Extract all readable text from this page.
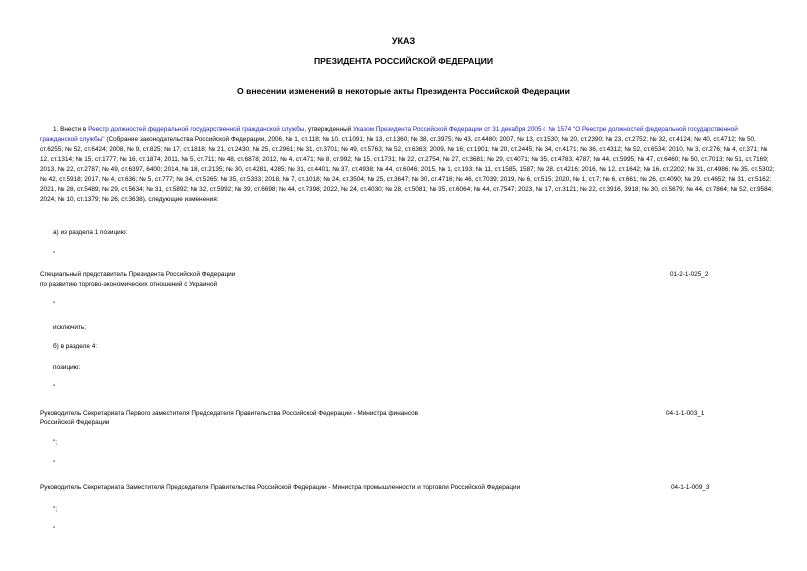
УКАЗ
ПРЕЗИДЕНТА РОССИЙСКОЙ ФЕДЕРАЦИИ
О внесении изменений в некоторые акты Президента Российской Федерации
1. Внести в Реестр должностей федеральной государственной гражданской службы, утвержденный Указом Президента Российской Федерации от 31 декабря 2005 г. № 1574 "О Реестре должностей федеральной государственной гражданской службы" (Собрание законодательства Российской Федерации, 2006, № 1, ст.118; № 10, ст.1091; № 13, ст.1360; № 38, ст.3975; № 43, ст.4480; 2007, № 13, ст.1530; № 20, ст.2390; № 23, ст.2752; № 32, ст.4124; № 40, ст.4712; № 50, ст.6255; № 52, ст.6424; 2008, № 9, ст.825; № 17, ст.1818; № 21, ст.2430; № 25, ст.2961; № 31, ст.3701; № 49, ст.5763; № 52, ст.6363; 2009, № 16, ст.1901; № 20, ст.2445; № 34, ст.4171; № 36, ст.4312; № 52, ст.6534; 2010, № 3, ст.276; № 4, ст.371; № 12, ст.1314; № 15, ст.1777; № 16, ст.1874; 2011, № 5, ст.711; № 48, ст.6878; 2012, № 4, ст.471; № 8, ст.992; № 15, ст.1731; № 22, ст.2754; № 27, ст.3681; № 29, ст.4071; № 35, ст.4783, 4787; № 44, ст.5995; № 47, ст.6460; № 50, ст.7013; № 51, ст.7169; 2013, № 22, ст.2787; № 49, ст.6397, 6400; 2014, № 18, ст.2135; № 30, ст.4281, 4285; № 31, ст.4401; № 37, ст.4938; № 44, ст.6046; 2015, № 1, ст.193; № 11, ст.1585, 1587; № 28, ст.4216; 2016, № 12, ст.1642; № 16, ст.2202; № 31, ст.4986; № 35, ст.5302; № 42, ст.5918; 2017, № 4, ст.636; № 5, ст.777; № 34, ст.5265; № 35, ст.5333; 2018, № 7, ст.1018; № 24, ст.3504; № 25, ст.3647; № 30, ст.4716; № 46, ст.7039; 2019, № 6, ст.515; 2020, № 1, ст.7; № 6, ст.661; № 26, ст.4090; № 29, ст.4652; № 31, ст.5162; 2021, № 28, ст.5489; № 29, ст.5634; № 31, ст.5892; № 32, ст.5992; № 39, ст.6698; № 44, ст.7398; 2022, № 24, ст.4030; № 28, ст.5081; № 35, ст.6064; № 44, ст.7547; 2023, № 17, ст.3121; № 22, ст.3916, 3918; № 30, ст.5679; № 44, ст.7864; № 52, ст.9584; 2024, № 10, ст.1379; № 26, ст.3638), следующие изменения:
а) из раздела 1 позицию:
"
Специальный представитель Президента Российской Федерации
по развитию торгово-экономических отношений с Украиной
01-2-1-025_2
"
исключить;
б) в разделе 4:
позицию:
"
Руководитель Секретариата Первого заместителя Председателя Правительства Российской Федерации - Министра финансов
Российской Федерации
04-1-1-003_1
";
"
Руководитель Секретариата Заместителя Председателя Правительства Российской Федерации - Министра промышленности и торговли Российской Федерации	04-1-1-009_3
";
"
